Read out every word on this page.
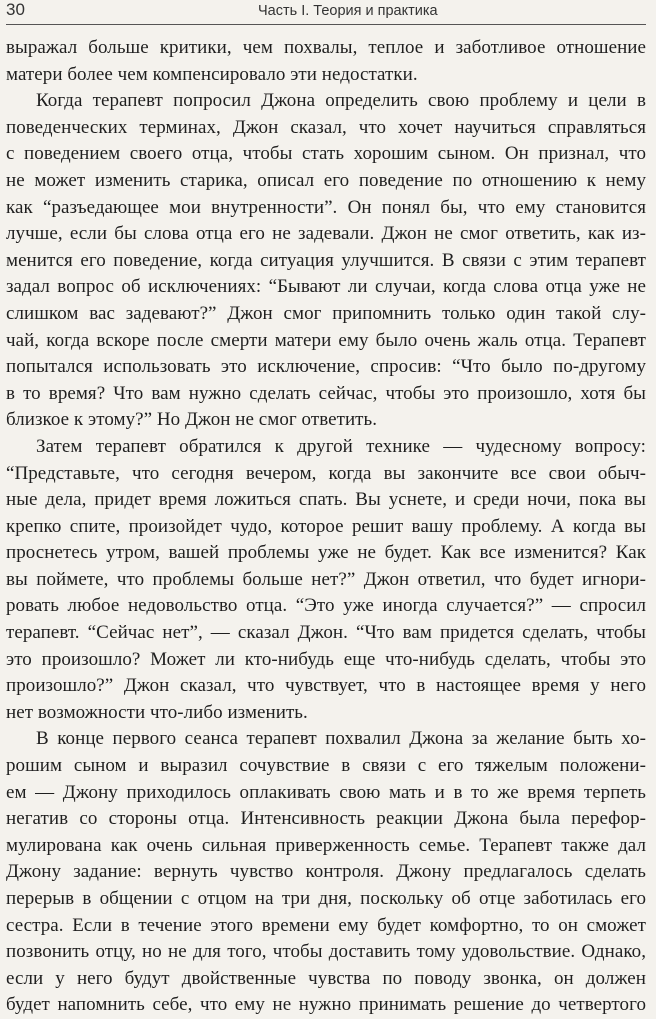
30	Часть I. Теория и практика

выражал больше критики, чем похвалы, теплое и заботливое отношение
матери более чем компенсировало эти недостатки.

Когда терапевт попросил Джона определить свою проблему и цели в
поведенческих терминах, Джон сказал, что хочет научиться справляться
с поведением своего отца, чтобы стать хорошим сыном. Он признал, что
не может изменить старика, описал его поведение по отношению к нему
как “разъедающее мои внутренности”. Он понял бы, что ему становится
лучше, если бы слова отца его не задевали. Джон не смог ответить, как из-
менится его поведение, когда ситуация улучшится. В связи с этим терапевт
задал вопрос об исключениях: “Бывают ли случаи, когда слова отца уже не
слишком вас задевают?” Джон смог припомнить только один такой слу-
чай, когда вскоре после смерти матери ему было очень жаль отца. Терапевт
попытался использовать это исключение, спросив: “Что было по-другому
в то время? Что вам нужно сделать сейчас, чтобы это произошло, хотя бы
близкое к этому?” Но Джон не смог ответить.

Затем терапевт обратился к другой технике — чудесному вопросу:
“Представьте, что сегодня вечером, когда вы закончите все свои обыч-
ные дела, придет время ложиться спать. Вы уснете, и среди ночи, пока вы
крепко спите, произойдет чудо, которое решит вашу проблему. А когда вы
проснетесь утром, вашей проблемы уже не будет. Как все изменится? Как
вы поймете, что проблемы больше нет?” Джон ответил, что будет игнори-
ровать любое недовольство отца. “Это уже иногда случается?” — спросил
терапевт. “Сейчас нет”, — сказал Джон. “Что вам придется сделать, чтобы
это произошло? Может ли кто-нибудь еще что-нибудь сделать, чтобы это
произошло?” Джон сказал, что чувствует, что в настоящее время у него
нет возможности что-либо изменить.

В конце первого сеанса терапевт похвалил Джона за желание быть хо-
рошим сыном и выразил сочувствие в связи с его тяжелым положени-
ем — Джону приходилось оплакивать свою мать и в то же время терпеть
негатив со стороны отца. Интенсивность реакции Джона была перефор-
мулирована как очень сильная приверженность семье. Терапевт также дал
Джону задание: вернуть чувство контроля. Джону предлагалось сделать
перерыв в общении с отцом на три дня, поскольку об отце заботилась его
сестра. Если в течение этого времени ему будет комфортно, то он сможет
позвонить отцу, но не для того, чтобы доставить тому удовольствие. Однако,
если у него будут двойственные чувства по поводу звонка, он должен
будет напомнить себе, что ему не нужно принимать решение до четвертого
